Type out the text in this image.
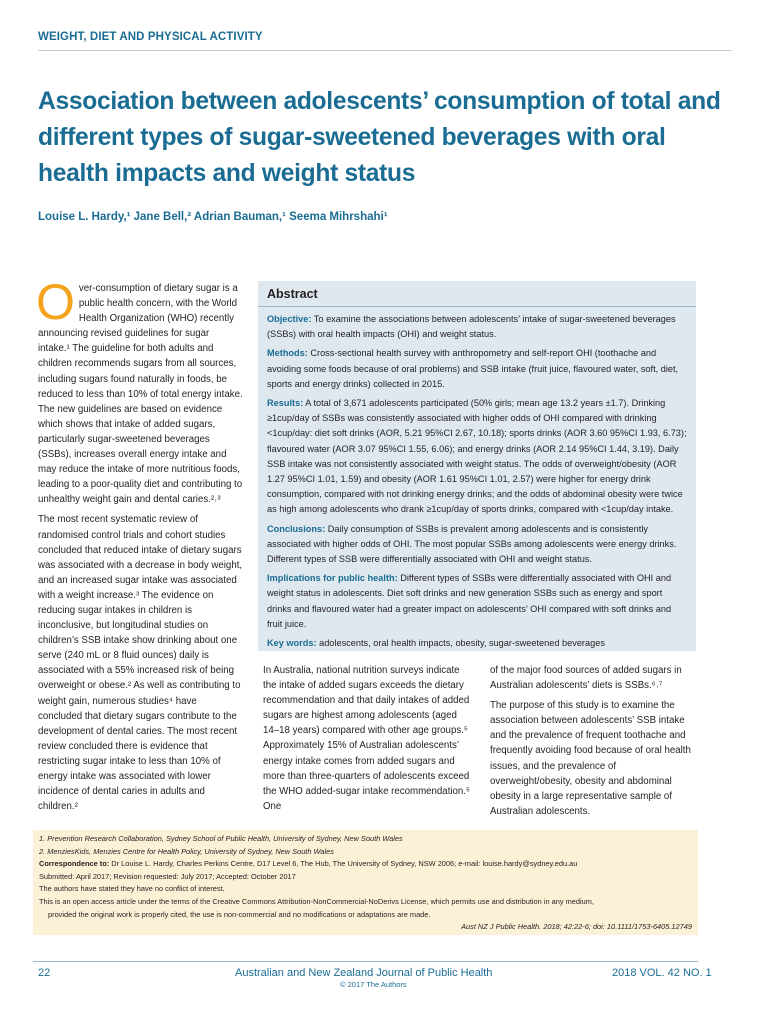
WEIGHT, DIET AND PHYSICAL ACTIVITY
Association between adolescents’ consumption of total and different types of sugar-sweetened beverages with oral health impacts and weight status
Louise L. Hardy,¹ Jane Bell,² Adrian Bauman,¹ Seema Mihrshahi¹

Over-consumption of dietary sugar is a public health concern, with the World Health Organization (WHO) recently announcing revised guidelines for sugar intake.¹ The guideline for both adults and children recommends sugars from all sources, including sugars found naturally in foods, be reduced to less than 10% of total energy intake. The new guidelines are based on evidence which shows that intake of added sugars, particularly sugar-sweetened beverages (SSBs), increases overall energy intake and may reduce the intake of more nutritious foods, leading to a poor-quality diet and contributing to unhealthy weight gain and dental caries.²˒³

The most recent systematic review of randomised control trials and cohort studies concluded that reduced intake of dietary sugars was associated with a decrease in body weight, and an increased sugar intake was associated with a weight increase.³ The evidence on reducing sugar intakes in children is inconclusive, but longitudinal studies on children’s SSB intake show drinking about one serve (240 mL or 8 fluid ounces) daily is associated with a 55% increased risk of being overweight or obese.² As well as contributing to weight gain, numerous studies⁴ have concluded that dietary sugars contribute to the development of dental caries. The most recent review concluded there is evidence that restricting sugar intake to less than 10% of energy intake was associated with lower incidence of dental caries in adults and children.²

Abstract

Objective: To examine the associations between adolescents’ intake of sugar-sweetened beverages (SSBs) with oral health impacts (OHI) and weight status.

Methods: Cross-sectional health survey with anthropometry and self-report OHI (toothache and avoiding some foods because of oral problems) and SSB intake (fruit juice, flavoured water, soft, diet, sports and energy drinks) collected in 2015.

Results: A total of 3,671 adolescents participated (50% girls; mean age 13.2 years ±1.7). Drinking ≥1cup/day of SSBs was consistently associated with higher odds of OHI compared with drinking <1cup/day: diet soft drinks (AOR, 5.21 95%CI 2.67, 10.18); sports drinks (AOR 3.60 95%CI 1.93, 6.73); flavoured water (AOR 3.07 95%CI 1.55, 6.06); and energy drinks (AOR 2.14 95%CI 1.44, 3.19). Daily SSB intake was not consistently associated with weight status. The odds of overweight/obesity (AOR 1.27 95%CI 1.01, 1.59) and obesity (AOR 1.61 95%CI 1.01, 2.57) were higher for energy drink consumption, compared with not drinking energy drinks; and the odds of abdominal obesity were twice as high among adolescents who drank ≥1cup/day of sports drinks, compared with <1cup/day intake.

Conclusions: Daily consumption of SSBs is prevalent among adolescents and is consistently associated with higher odds of OHI. The most popular SSBs among adolescents were energy drinks. Different types of SSB were differentially associated with OHI and weight status.

Implications for public health: Different types of SSBs were differentially associated with OHI and weight status in adolescents. Diet soft drinks and new generation SSBs such as energy and sport drinks and flavoured water had a greater impact on adolescents’ OHI compared with soft drinks and fruit juice.

Key words: adolescents, oral health impacts, obesity, sugar-sweetened beverages

In Australia, national nutrition surveys indicate the intake of added sugars exceeds the dietary recommendation and that daily intakes of added sugars are highest among adolescents (aged 14–18 years) compared with other age groups.⁵ Approximately 15% of Australian adolescents’ energy intake comes from added sugars and more than three-quarters of adolescents exceed the WHO added-sugar intake recommendation.⁵ One

of the major food sources of added sugars in Australian adolescents’ diets is SSBs.⁶˒⁷

The purpose of this study is to examine the association between adolescents’ SSB intake and the prevalence of frequent toothache and frequently avoiding food because of oral health issues, and the prevalence of overweight/obesity, obesity and abdominal obesity in a large representative sample of Australian adolescents.

1. Prevention Research Collaboration, Sydney School of Public Health, University of Sydney, New South Wales
2. MenziesKids, Menzies Centre for Health Policy, University of Sydney, New South Wales
Correspondence to: Dr Louise L. Hardy, Charles Perkins Centre, D17 Level 6, The Hub, The University of Sydney, NSW 2006; e-mail: louise.hardy@sydney.edu.au
Submitted: April 2017; Revision requested: July 2017; Accepted: October 2017
The authors have stated they have no conflict of interest.
This is an open access article under the terms of the Creative Commons Attribution-NonCommercial-NoDerivs License, which permits use and distribution in any medium,
provided the original work is properly cited, the use is non-commercial and no modifications or adaptations are made.
Aust NZ J Public Health. 2018; 42:22-6; doi: 10.1111/1753-6405.12749
22	Australian and New Zealand Journal of Public Health
© 2017 The Authors
2018 VOL. 42 NO. 1
